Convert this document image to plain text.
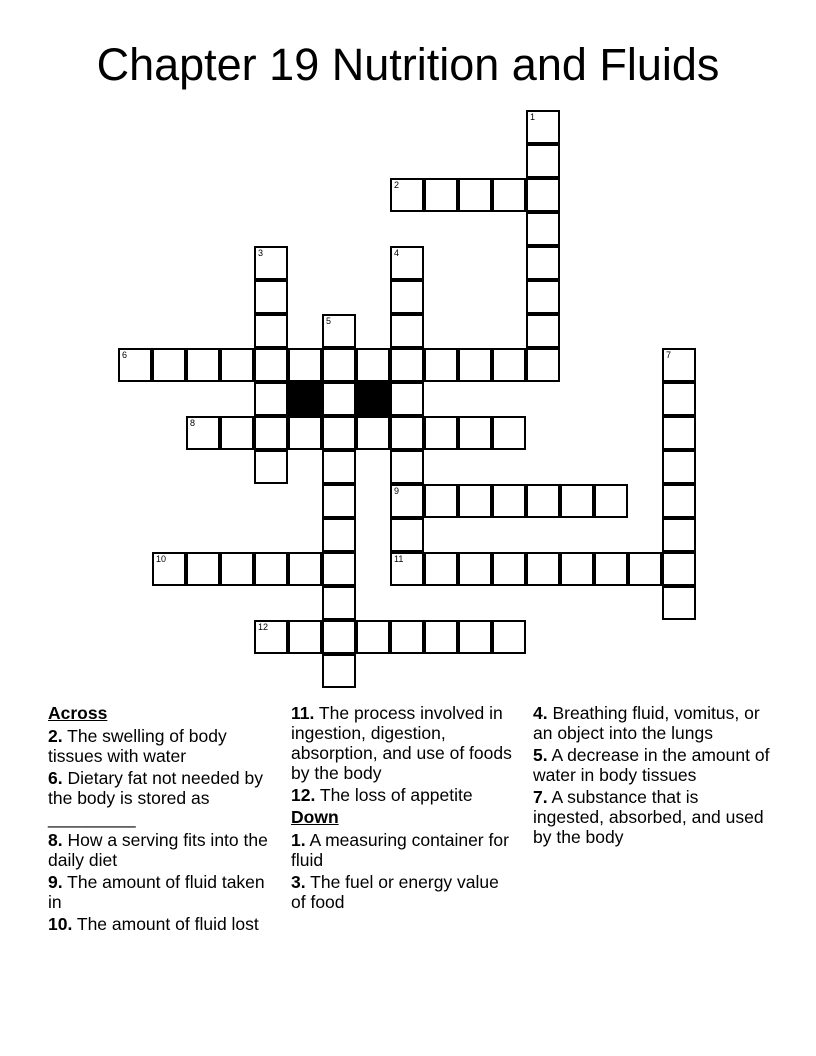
Chapter 19 Nutrition and Fluids
1
2
3	4
5
6	7
8
9
10	11
12
Across
2. The swelling of body tissues with water
6. Dietary fat not needed by the body is stored as _________
8. How a serving fits into the daily diet
9. The amount of fluid taken in
10. The amount of fluid lost
11. The process involved in ingestion, digestion, absorption, and use of foods by the body
12. The loss of appetite
Down
1. A measuring container for fluid
3. The fuel or energy value of food
4. Breathing fluid, vomitus, or an object into the lungs
5. A decrease in the amount of water in body tissues
7. A substance that is ingested, absorbed, and used by the body
